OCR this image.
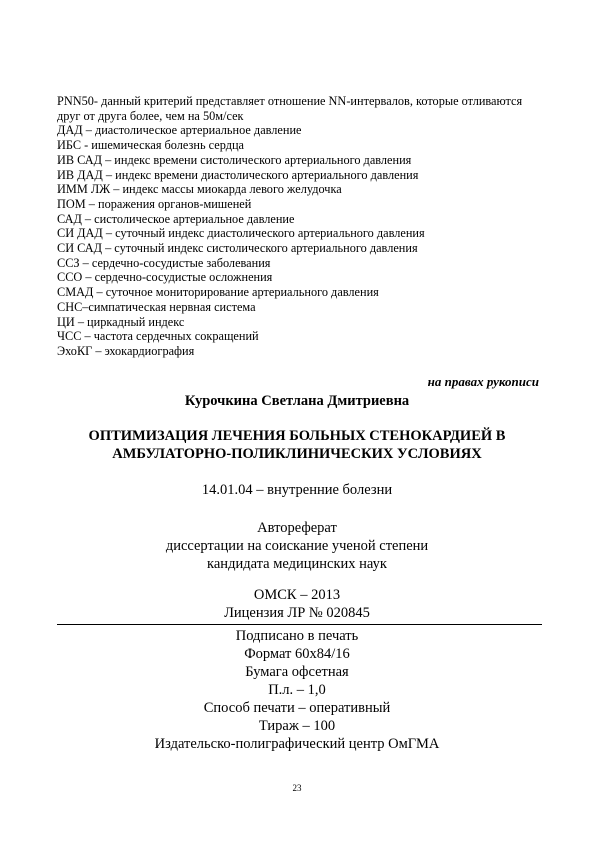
PNN50- данный критерий представляет отношение NN-интервалов, которые отливаются друг от друга более, чем на 50м/сек
ДАД – диастолическое артериальное давление
ИБС - ишемическая болезнь сердца
ИВ САД – индекс времени систолического артериального давления
ИВ ДАД – индекс времени диастолического артериального давления
ИММ ЛЖ – индекс массы миокарда левого желудочка
ПОМ – поражения органов-мишеней
САД – систолическое артериальное давление
СИ ДАД – суточный индекс диастолического артериального давления
СИ САД – суточный индекс систолического артериального давления
ССЗ – сердечно-сосудистые заболевания
ССО – сердечно-сосудистые осложнения
СМАД – суточное мониторирование артериального давления
СНС–симпатическая нервная система
ЦИ – циркадный индекс
ЧСС – частота сердечных сокращений
ЭхоКГ – эхокардиография
на правах рукописи
Курочкина Светлана Дмитриевна
ОПТИМИЗАЦИЯ ЛЕЧЕНИЯ БОЛЬНЫХ СТЕНОКАРДИЕЙ В
АМБУЛАТОРНО-ПОЛИКЛИНИЧЕСКИХ УСЛОВИЯХ
14.01.04 – внутренние болезни
Автореферат
диссертации на соискание ученой степени
кандидата медицинских наук
ОМСК – 2013
Лицензия ЛР № 020845
Подписано в печать
Формат 60x84/16
Бумага офсетная
П.л. – 1,0
Способ печати – оперативный
Тираж – 100
Издательско-полиграфический центр ОмГМА
23
